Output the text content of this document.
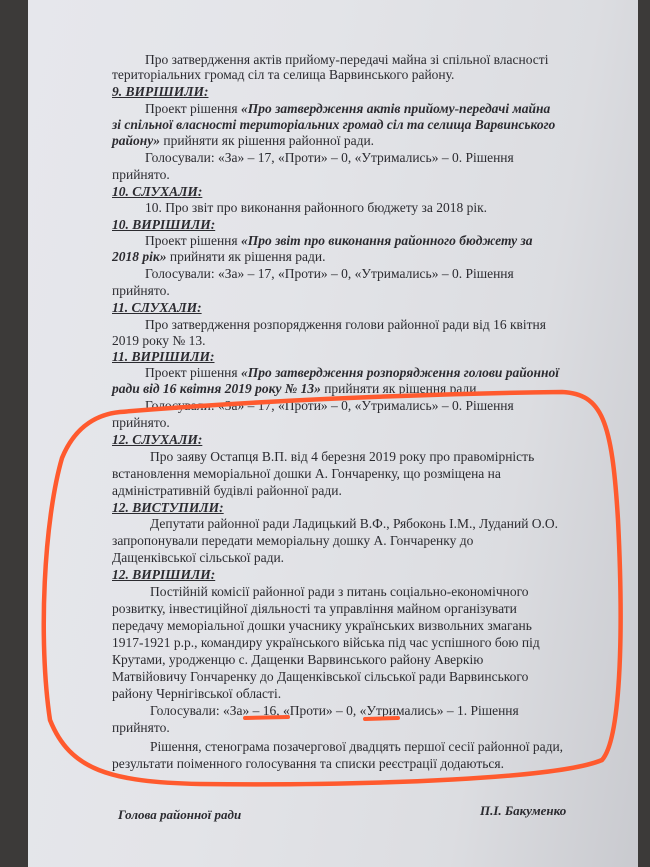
Про затвердження актів прийому-передачі майна зі спільної власності
територіальних громад сіл та селища Варвинського району.
9. ВИРІШИЛИ:
Проект рішення «Про затвердження актів прийому-передачі майна
зі спільної власності територіальних громад сіл та селища Варвинського
району» прийняти як рішення районної ради.
Голосували: «За» – 17, «Проти» – 0, «Утримались» – 0. Рішення
прийнято.
10. СЛУХАЛИ:
10. Про звіт про виконання районного бюджету за 2018 рік.
10. ВИРІШИЛИ:
Проект рішення «Про звіт про виконання районного бюджету за
2018 рік» прийняти як рішення ради.
Голосували: «За» – 17, «Проти» – 0, «Утримались» – 0. Рішення
прийнято.
11. СЛУХАЛИ:
Про затвердження розпорядження голови районної ради від 16 квітня
2019 року № 13.
11. ВИРІШИЛИ:
Проект рішення «Про затвердження розпорядження голови районної
ради від 16 квітня 2019 року № 13» прийняти як рішення ради.
Голосували: «За» – 17, «Проти» – 0, «Утримались» – 0. Рішення
прийнято.
12. СЛУХАЛИ:
Про заяву Остапця В.П. від 4 березня 2019 року про правомірність
встановлення меморіальної дошки А. Гончаренку, що розміщена на
адміністративній будівлі районної ради.
12. ВИСТУПИЛИ:
Депутати районної ради Ладицький В.Ф., Рябоконь І.М., Луданий О.О.
запропонували передати меморіальну дошку А. Гончаренку до
Дащенківської сільської ради.
12. ВИРІШИЛИ:
Постійній комісії районної ради з питань соціально-економічного
розвитку, інвестиційної діяльності та управління майном організувати
передачу меморіальної дошки учаснику українських визвольних змагань
1917-1921 р.р., командиру українського війська під час успішного бою під
Крутами, уродженцю с. Дащенки Варвинського району Аверкію
Матвійовичу Гончаренку до Дащенківської сільської ради Варвинського
району Чернігівської області.
Голосували: «За» – 16, «Проти» – 0, «Утримались» – 1. Рішення
прийнято.
Рішення, стенограма позачергової двадцять першої сесії районної ради,
результати поіменного голосування та списки реєстрації додаються.
Голова районної ради	П.І. Бакуменко
